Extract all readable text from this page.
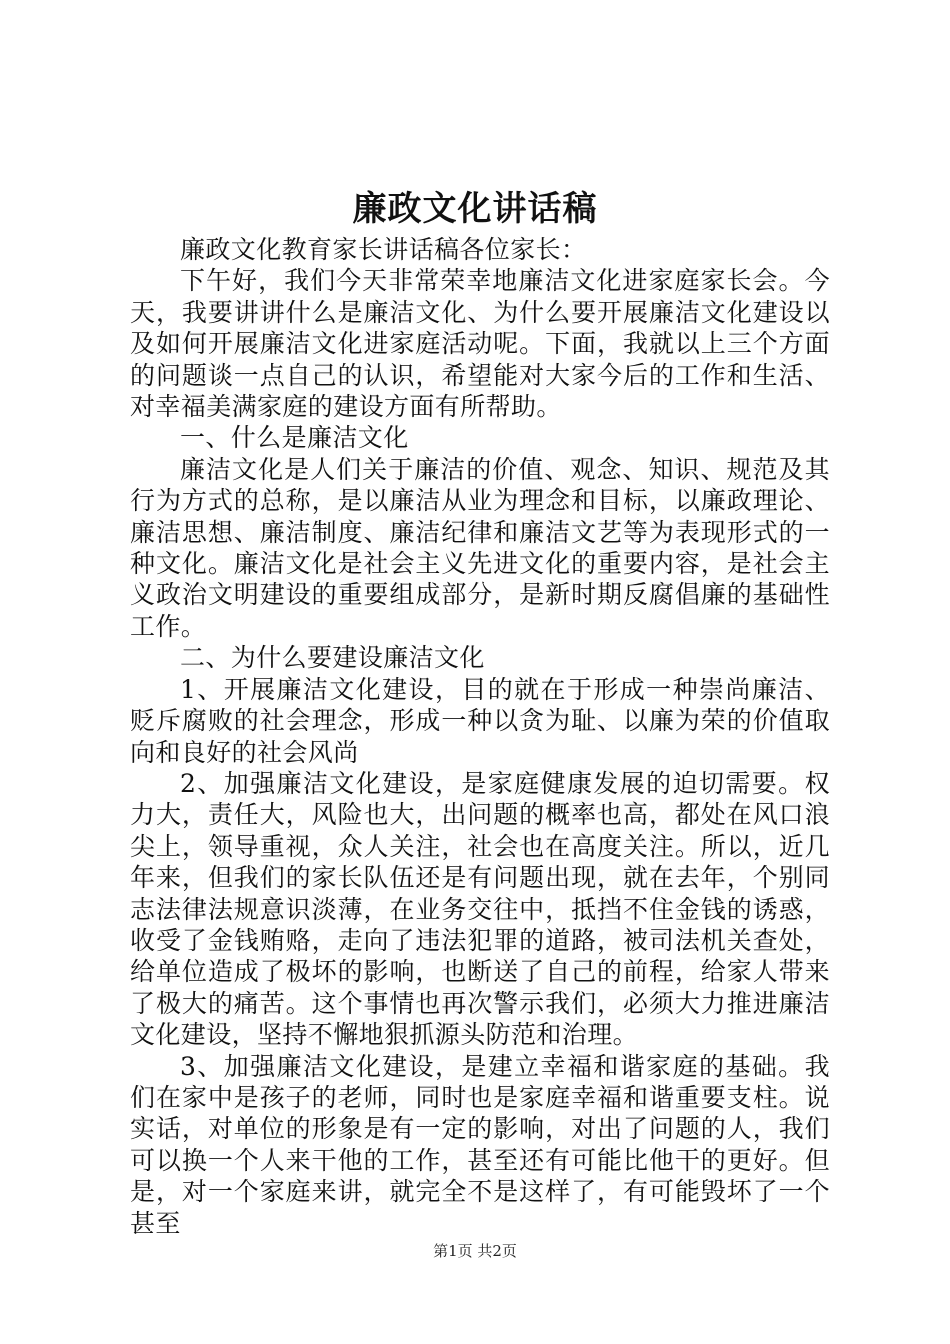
廉政文化讲话稿

廉政文化教育家长讲话稿各位家长：

下午好，我们今天非常荣幸地廉洁文化进家庭家长会。今天，我要讲讲什么是廉洁文化、为什么要开展廉洁文化建设以及如何开展廉洁文化进家庭活动呢。下面，我就以上三个方面的问题谈一点自己的认识，希望能对大家今后的工作和生活、对幸福美满家庭的建设方面有所帮助。

一、什么是廉洁文化

廉洁文化是人们关于廉洁的价值、观念、知识、规范及其行为方式的总称，是以廉洁从业为理念和目标，以廉政理论、廉洁思想、廉洁制度、廉洁纪律和廉洁文艺等为表现形式的一种文化。廉洁文化是社会主义先进文化的重要内容，是社会主义政治文明建设的重要组成部分，是新时期反腐倡廉的基础性工作。

二、为什么要建设廉洁文化

1、开展廉洁文化建设，目的就在于形成一种崇尚廉洁、贬斥腐败的社会理念，形成一种以贪为耻、以廉为荣的价值取向和良好的社会风尚

2、加强廉洁文化建设，是家庭健康发展的迫切需要。权力大，责任大，风险也大，出问题的概率也高，都处在风口浪尖上，领导重视，众人关注，社会也在高度关注。所以，近几年来，但我们的家长队伍还是有问题出现，就在去年，个别同志法律法规意识淡薄，在业务交往中，抵挡不住金钱的诱惑，收受了金钱贿赂，走向了违法犯罪的道路，被司法机关查处，给单位造成了极坏的影响，也断送了自己的前程，给家人带来了极大的痛苦。这个事情也再次警示我们，必须大力推进廉洁文化建设，坚持不懈地狠抓源头防范和治理。

3、加强廉洁文化建设，是建立幸福和谐家庭的基础。我们在家中是孩子的老师，同时也是家庭幸福和谐重要支柱。说实话，对单位的形象是有一定的影响，对出了问题的人，我们可以换一个人来干他的工作，甚至还有可能比他干的更好。但是，对一个家庭来讲，就完全不是这样了，有可能毁坏了一个甚至

第1页 共2页
